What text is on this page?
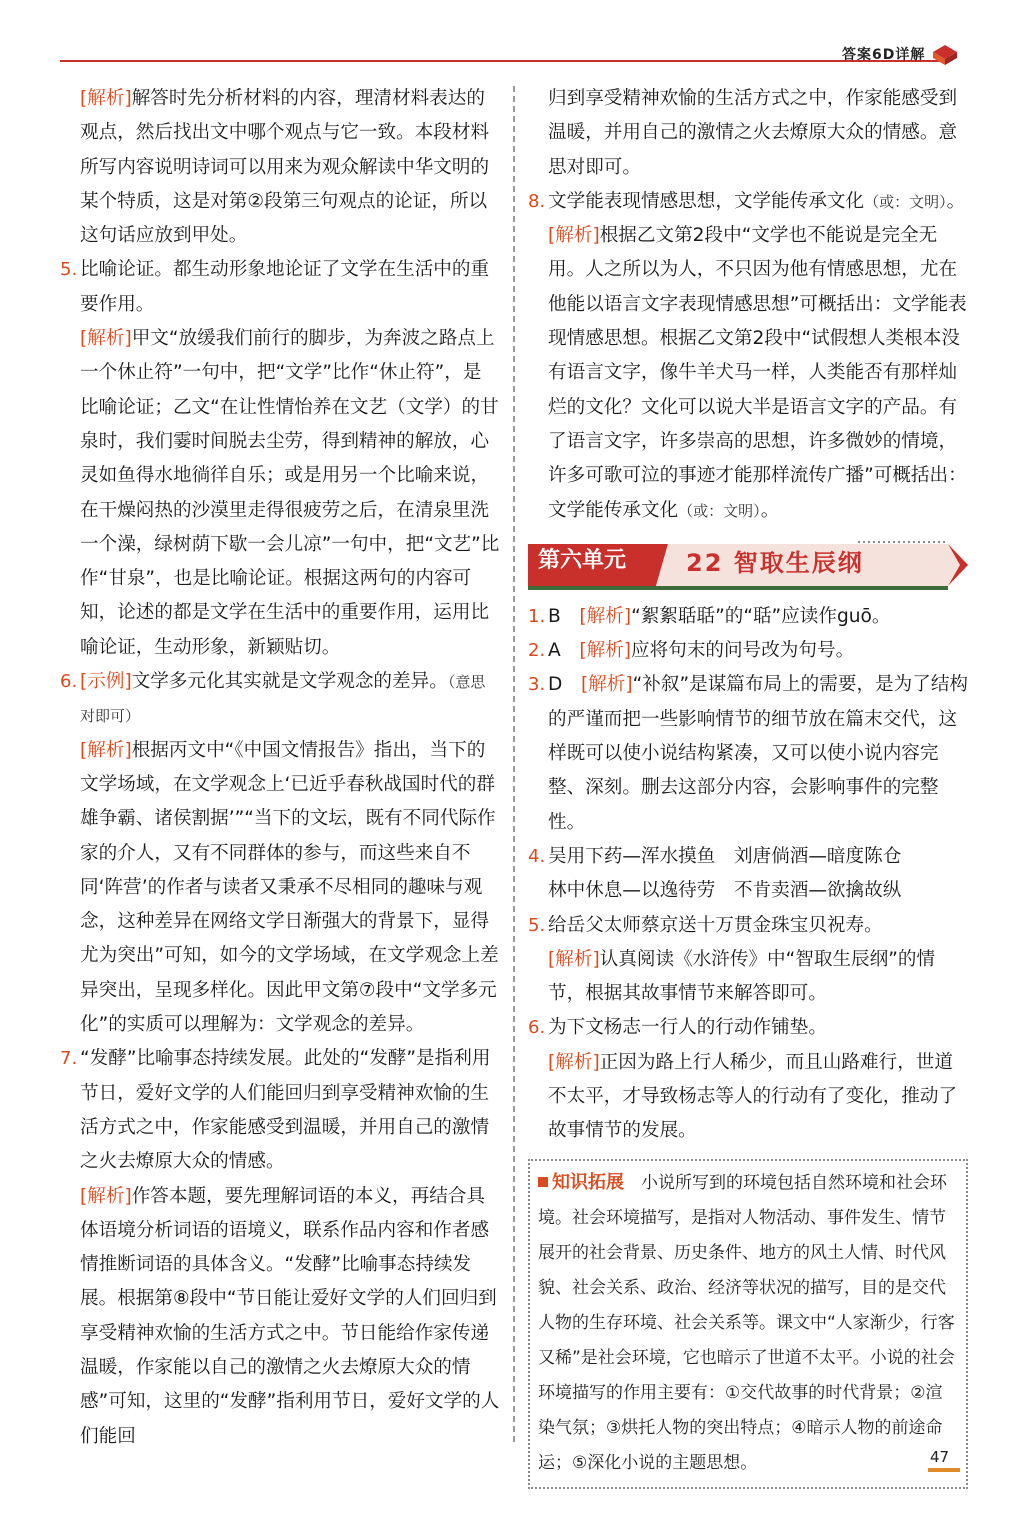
答案6D详解
[解析]解答时先分析材料的内容，理清材料表达的观点，然后找出文中哪个观点与它一致。本段材料所写内容说明诗词可以用来为观众解读中华文明的某个特质，这是对第②段第三句观点的论证，所以这句话应放到甲处。
5. 比喻论证。都生动形象地论证了文学在生活中的重要作用。
[解析]甲文“放缓我们前行的脚步，为奔波之路点上一个休止符”一句中，把“文学”比作“休止符”，是比喻论证；乙文“在让性情怡养在文艺（文学）的甘泉时，我们霎时间脱去尘劳，得到精神的解放，心灵如鱼得水地徜徉自乐；或是用另一个比喻来说，在干燥闷热的沙漠里走得很疲劳之后，在清泉里洗一个澡，绿树荫下歇一会儿凉”一句中，把“文艺”比作“甘泉”，也是比喻论证。根据这两句的内容可知，论述的都是文学在生活中的重要作用，运用比喻论证，生动形象，新颖贴切。
6. [示例]文学多元化其实就是文学观念的差异。（意思对即可）
[解析]根据丙文中“《中国文情报告》指出，当下的文学场域，在文学观念上‘已近乎春秋战国时代的群雄争霸、诸侯割据’”“当下的文坛，既有不同代际作家的介人，又有不同群体的参与，而这些来自不同‘阵营’的作者与读者又秉承不尽相同的趣味与观念，这种差异在网络文学日渐强大的背景下，显得尤为突出”可知，如今的文学场域，在文学观念上差异突出，呈现多样化。因此甲文第⑦段中“文学多元化”的实质可以理解为：文学观念的差异。
7. “发酵”比喻事态持续发展。此处的“发酵”是指利用节日，爱好文学的人们能回归到享受精神欢愉的生活方式之中，作家能感受到温暖，并用自己的激情之火去燎原大众的情感。
[解析]作答本题，要先理解词语的本义，再结合具体语境分析词语的语境义，联系作品内容和作者感情推断词语的具体含义。“发酵”比喻事态持续发展。根据第⑧段中“节日能让爱好文学的人们回归到享受精神欢愉的生活方式之中。节日能给作家传递温暖，作家能以自己的激情之火去燎原大众的情感”可知，这里的“发酵”指利用节日，爱好文学的人们能回
归到享受精神欢愉的生活方式之中，作家能感受到温暖，并用自己的激情之火去燎原大众的情感。意思对即可。
8. 文学能表现情感思想，文学能传承文化（或：文明）。
[解析]根据乙文第2段中“文学也不能说是完全无用。人之所以为人，不只因为他有情感思想，尤在他能以语言文字表现情感思想”可概括出：文学能表现情感思想。根据乙文第2段中“试假想人类根本没有语言文字，像牛羊犬马一样，人类能否有那样灿烂的文化？文化可以说大半是语言文字的产品。有了语言文字，许多崇高的思想，许多微妙的情境，许多可歌可泣的事迹才能那样流传广播”可概括出：文学能传承文化（或：文明）。
第六单元 22 智取生辰纲
1. B　 [解析]“絮絮聒聒”的“聒”应读作guō。
2. A　 [解析]应将句末的问号改为句号。
3. D　 [解析]“补叙”是谋篇布局上的需要，是为了结构的严谨而把一些影响情节的细节放在篇末交代，这样既可以使小说结构紧凑，又可以使小说内容完整、深刻。删去这部分内容，会影响事件的完整性。
4. 吴用下药—浑水摸鱼　刘唐倘酒—暗度陈仓
林中休息—以逸待劳　不肯卖酒—欲擒故纵
5. 给岳父太师蔡京送十万贯金珠宝贝祝寿。
[解析]认真阅读《水浒传》中“智取生辰纲”的情节，根据其故事情节来解答即可。
6. 为下文杨志一行人的行动作铺垫。
[解析]正因为路上行人稀少，而且山路难行，世道不太平，才导致杨志等人的行动有了变化，推动了故事情节的发展。
知识拓展　 小说所写到的环境包括自然环境和社会环境。社会环境描写，是指对人物活动、事件发生、情节展开的社会背景、历史条件、地方的风土人情、时代风貌、社会关系、政治、经济等状况的描写，目的是交代人物的生存环境、社会关系等。课文中“人家渐少，行客又稀”是社会环境，它也暗示了世道不太平。小说的社会环境描写的作用主要有：①交代故事的时代背景；②渲染气氛；③烘托人物的突出特点；④暗示人物的前途命运；⑤深化小说的主题思想。	47
